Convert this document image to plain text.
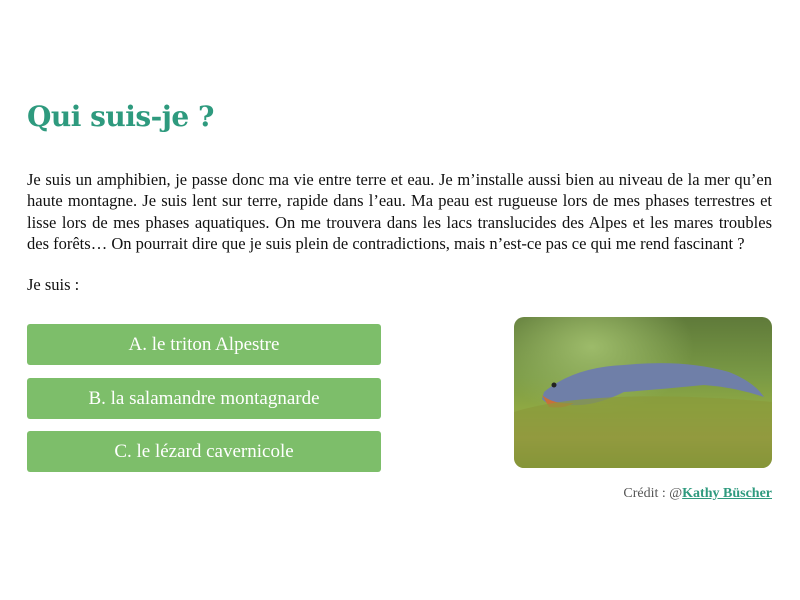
Qui suis-je ?

Je suis un amphibien, je passe donc ma vie entre terre et eau. Je m’installe aussi bien au niveau de la mer qu’en haute montagne. Je suis lent sur terre, rapide dans l’eau. Ma peau est rugueuse lors de mes phases terrestres et lisse lors de mes phases aquatiques. On me trouvera dans les lacs translucides des Alpes et les mares troubles des forêts… On pourrait dire que je suis plein de contradictions, mais n’est-ce pas ce qui me rend fascinant ?

Je suis :
A. le triton Alpestre
B. la salamandre montagnarde
C. le lézard cavernicole
Crédit : @Kathy Büscher
